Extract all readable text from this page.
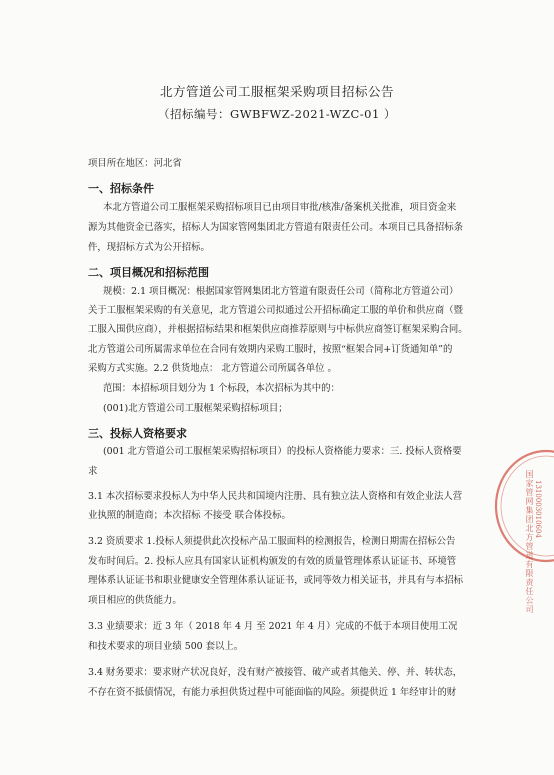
北方管道公司工服框架采购项目招标公告
（招标编号：GWBFWZ-2021-WZC-01 ）
项目所在地区：河北省
一、招标条件
本北方管道公司工服框架采购招标项目已由项目审批/核准/备案机关批准，项目资金来
源为其他资金已落实，招标人为国家管网集团北方管道有限责任公司。本项目已具备招标条
件，现招标方式为公开招标。
二、项目概况和招标范围
规模：2.1 项目概况：根据国家管网集团北方管道有限责任公司（简称北方管道公司）
关于工服框架采购的有关意见，北方管道公司拟通过公开招标确定工服的单价和供应商（暨
工服入围供应商），并根据招标结果和框架供应商推荐原则与中标供应商签订框架采购合同。
北方管道公司所属需求单位在合同有效期内采购工服时，按照“框架合同+订货通知单”的
采购方式实施。2.2 供货地点： 北方管道公司所属各单位 。
范围：本招标项目划分为 1 个标段，本次招标为其中的：
(001)北方管道公司工服框架采购招标项目；
三、投标人资格要求
(001 北方管道公司工服框架采购招标项目）的投标人资格能力要求：三. 投标人资格要
求
3.1 本次招标要求投标人为中华人民共和国境内注册、具有独立法人资格和有效企业法人营
业执照的制造商；本次招标 不接受 联合体投标。
3.2 资质要求 1.投标人须提供此次投标产品工服面料的检测报告，检测日期需在招标公告
发布时间后。2. 投标人应具有国家认证机构颁发的有效的质量管理体系认证证书、环境管
理体系认证证书和职业健康安全管理体系认证证书，或同等效力相关证书，并具有与本招标
项目相应的供货能力。
3.3 业绩要求：近 3 年（ 2018 年 4 月 至 2021 年 4 月）完成的不低于本项目使用工况
和技术要求的项目业绩 500 套以上。
3.4 财务要求：要求财产状况良好，没有财产被接管、破产或者其他关、停、并、转状态，
不存在资不抵债情况，有能力承担供货过程中可能面临的风险。须提供近 1 年经审计的财
国家管网集团北方管道有限责任公司 1310003010604
